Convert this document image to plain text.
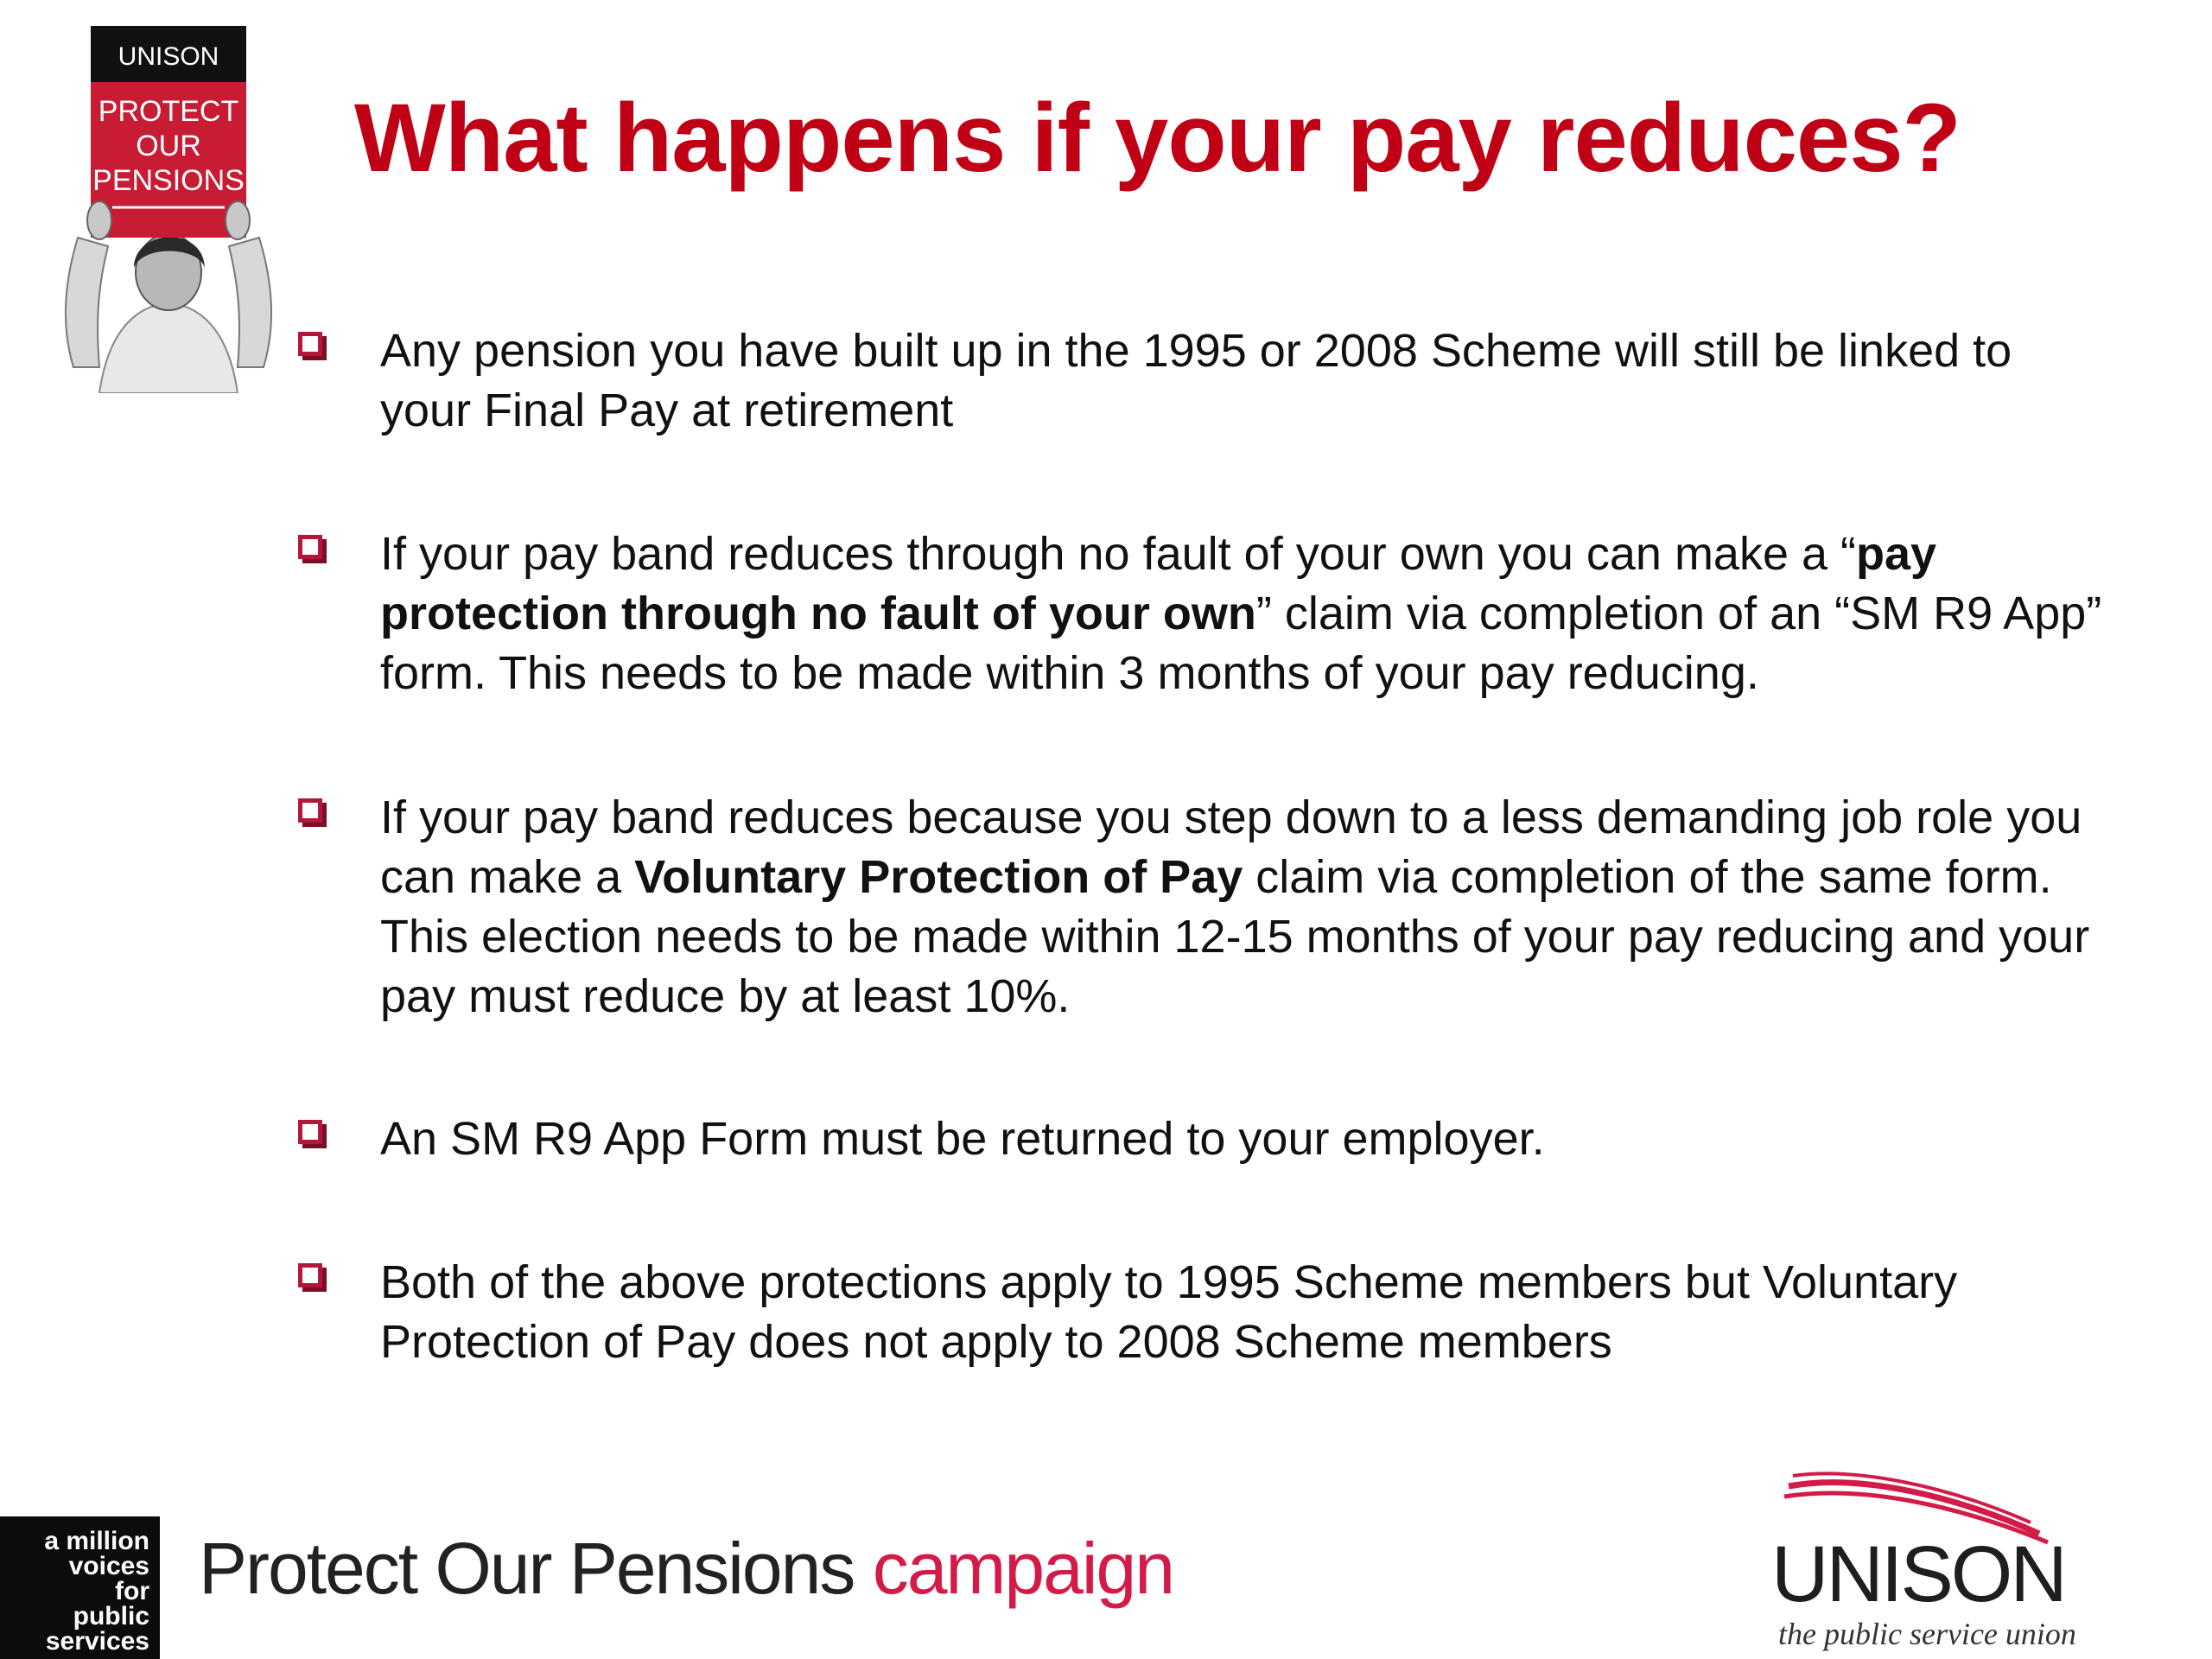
What happens if your pay reduces?
UNISON
PROTECT
OUR
PENSIONS
Any pension you have built up in the 1995 or 2008 Scheme will still be linked to your Final Pay at retirement
If your pay band reduces through no fault of your own you can make a “pay protection through no fault of your own” claim via completion of an “SM R9 App” form. This needs to be made within 3 months of your pay reducing.
If your pay band reduces because you step down to a less demanding job role you can make a Voluntary Protection of Pay claim via completion of the same form. This election needs to be made within 12-15 months of your pay reducing and your pay must reduce by at least 10%.
An SM R9 App Form must be returned to your employer.
Both of the above protections apply to 1995 Scheme members but Voluntary Protection of Pay does not apply to 2008 Scheme members
a million
voices
for
public
services
Protect Our Pensions campaign	UNISON
the public service union
